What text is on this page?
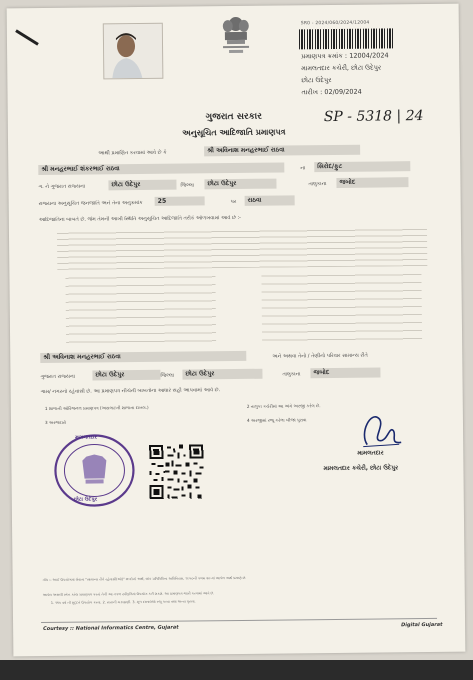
SR0 - 2024/060/2024/12004
પ્રમાણપત્ર ક્રમાંક : 12004/2024
મામલતદાર કચેરી, છોટા ઉદેપુર
છોટા ઉદેપુર
તારીખ : 02/09/2024
SP - 5318 | 24
ગુજરાત સરકાર
અનુસૂચિત આદિજાતિ પ્રમાણપત્ર
આથી પ્રમાણિત કરવામાં આવે છે કે	શ્રી અવિનાશ મનહરભાઈ રાઠવા
શ્રી મનહરભાઈ શંકરભાઈ રાઠવા	ના	સિરોદ/ફુટ
ગ. ને ગુજરાત રાજ્યના	છોટા ઉદેપુર	જિલ્લા	છોટા ઉદેપુર	તાલુકાના	જબોદ
રાજ્યના અનુસૂચિત જનજાતિ અને તેના અનુક્રમાંક	25	પર	રાઠવા
આદિજાતિના બાબતે છે. જેમ તેમની આખી સ્થિતિ અનુસૂચિત આદિજાતિ તરીકે ઓળખવામાં આવે છે :-
શ્રી અવિનાશ મનહરભાઈ રાઠવા	અને અથવા તેનો / તેણીનો પરિવાર સામાન્ય રીતે
ગુજરાત રાજ્યના	છોટા ઉદેપુર	જિલ્લા	છોટા ઉદેપુર	તાલુકાના	જબોદ
ગામ/ નગરનો રહેવાસી છે. આ પ્રમાણપત્ર નીચેની બાબતોના આધારે સહી આપવામાં આવે છે.
1 શાળાની ઓરિજનલ પ્રમાણપત્ર (અસલાટની શાળાના દાખલ.)
3 અરજદારો
2 તાલુકા કચેરીમાં આ અંગે અરજી કરેલ છે.
4 અરજીમાં રજૂ કરેલા બીજા પુરાવા
મામલતદાર
છોટા ઉદેપુર
મામલતદાર
મામલતદાર કચેરી, છોટા ઉદેપુર
નોંધ :- આઈ ઉપયોગમાં લેવાતા "સામાન્ય રીતે રહેવાસી(ઓ)" શબ્દોનો અર્થ, લોક પ્રતિનિધિત્વ અધિનિયમ, ૧૯૫૦ની કલમ ૨૦ માં આપેલ અર્થ પ્રમાણે છે.
આપેલ અસલી સ્કેન કરેલ પ્રમાણપત્ર કરતાં તેની આ નકલ સ્વીકૃતિમાં ઉપયોગ કરી શકશે. આ પ્રમાણપત્ર જારી કરવામાં આવે છે.
1. એક વર્ષ ની મુદ્દતે ઉપયોગ કરવા. 2. સત્તાની ચકાસણી. 3. મૂળ દસ્તાવેજો રજૂ કરવા તથા અન્ય પુરાવા.
Courtesy :: National Informatics Centre, Gujarat	Digital Gujarat
